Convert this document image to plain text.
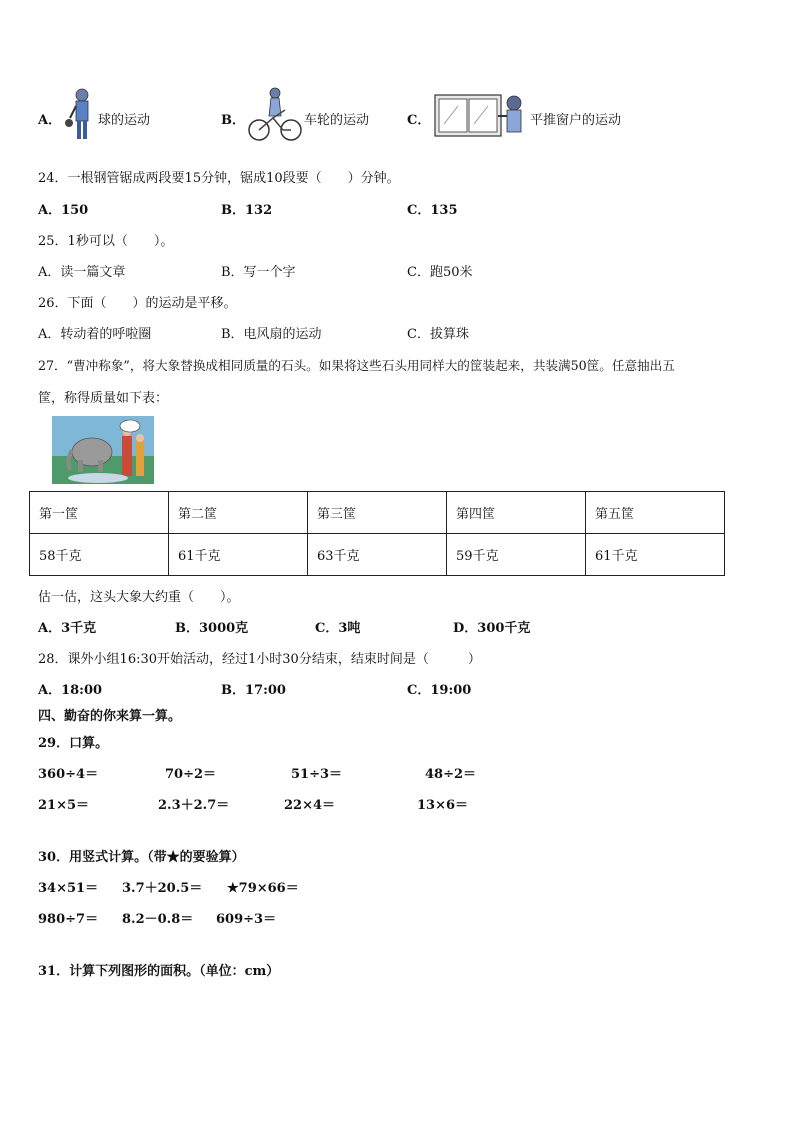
A．	球的运动	B．	车轮的运动	C．	平推窗户的运动
24．一根钢管锯成两段要15分钟，锯成10段要（　　）分钟。
A．150	B．132	C．135
25．1秒可以（　　）。
A．读一篇文章	B．写一个字	C．跑50米
26．下面（　　）的运动是平移。
A．转动着的呼啦圈	B．电风扇的运动	C．拔算珠
27．“曹冲称象”，将大象替换成相同质量的石头。如果将这些石头用同样大的筐装起来，共装满50筐。任意抽出五
筐，称得质量如下表：
第一筐	第二筐	第三筐	第四筐	第五筐
58千克	61千克	63千克	59千克	61千克
估一估，这头大象大约重（　　）。
A．3千克	B．3000克	C．3吨	D．300千克
28．课外小组16:30开始活动，经过1小时30分结束，结束时间是（　　　）
A．18:00	B．17:00	C．19:00
四、勤奋的你来算一算。
29．口算。
360÷4＝	70÷2＝	51÷3＝	48÷2＝
21×5＝	2.3＋2.7＝	22×4＝	13×6＝
30．用竖式计算。（带★的要验算）
34×51＝ 3.7＋20.5＝ ★79×66＝
980÷7＝ 8.2－0.8＝ 609÷3＝
31．计算下列图形的面积。（单位：cm）
